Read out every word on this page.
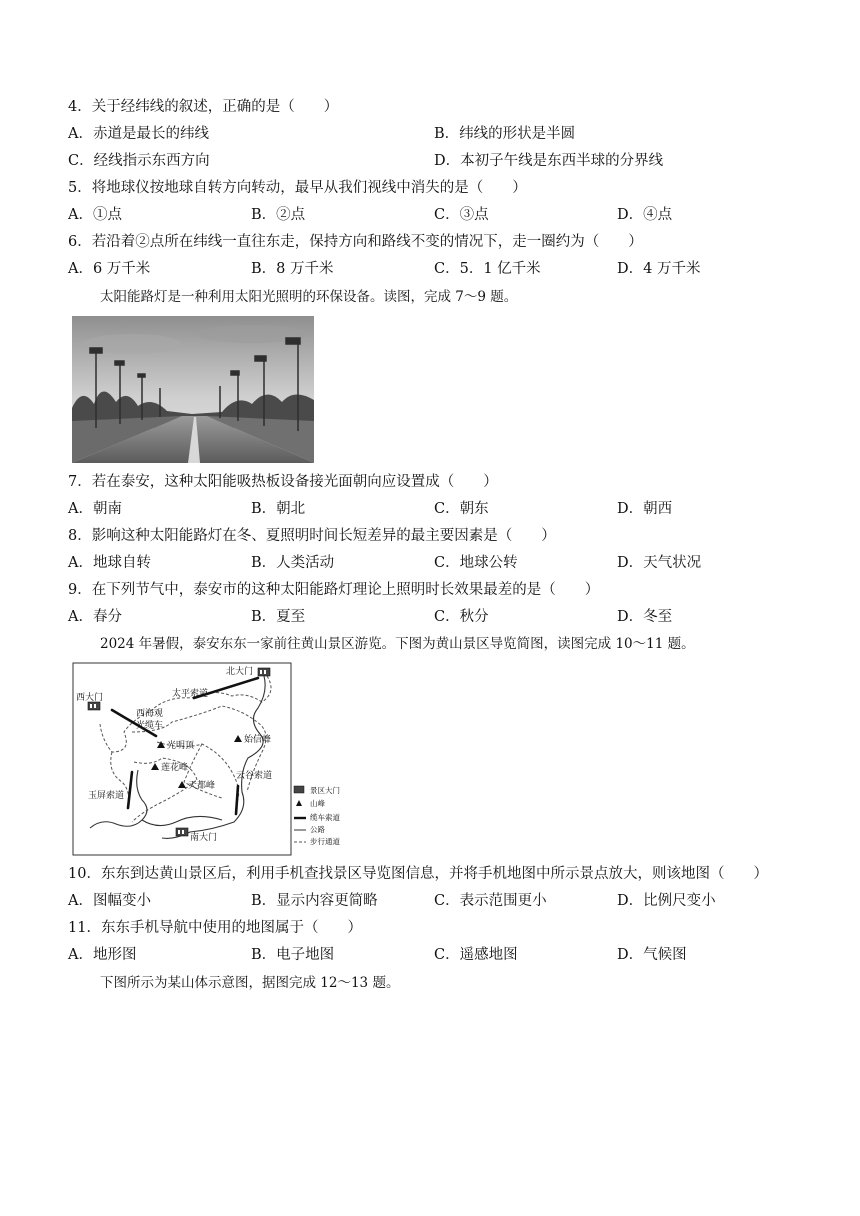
4．关于经纬线的叙述，正确的是（　　）
A．赤道是最长的纬线	B．纬线的形状是半圆
C．经线指示东西方向	D．本初子午线是东西半球的分界线
5．将地球仪按地球自转方向转动，最早从我们视线中消失的是（　　）
A．①点	B．②点	C．③点	D．④点
6．若沿着②点所在纬线一直往东走，保持方向和路线不变的情况下，走一圈约为（　　）
A．6 万千米	B．8 万千米	C．5．1 亿千米	D．4 万千米
太阳能路灯是一种利用太阳光照明的环保设备。读图，完成 7～9 题。
7．若在泰安，这种太阳能吸热板设备接光面朝向应设置成（　　）
A．朝南	B．朝北	C．朝东	D．朝西
8．影响这种太阳能路灯在冬、夏照明时间长短差异的最主要因素是（　　）
A．地球自转	B．人类活动	C．地球公转	D．天气状况
9．在下列节气中，泰安市的这种太阳能路灯理论上照明时长效果最差的是（　　）
A．春分	B．夏至	C．秋分	D．冬至
2024 年暑假，泰安东东一家前往黄山景区游览。下图为黄山景区导览简图，读图完成 10～11 题。
北大门
西大门
南大门
太平索道
西海观
光缆车
云谷索道
玉屏索道
光明顶
始信峰
莲花峰
天都峰	景区大门
山峰
缆车索道
公路
步行通道
10．东东到达黄山景区后，利用手机查找景区导览图信息，并将手机地图中所示景点放大，则该地图（　　）
A．图幅变小	B．显示内容更简略	C．表示范围更小	D．比例尺变小
11．东东手机导航中使用的地图属于（　　）
A．地形图	B．电子地图	C．遥感地图	D．气候图
下图所示为某山体示意图，据图完成 12～13 题。
